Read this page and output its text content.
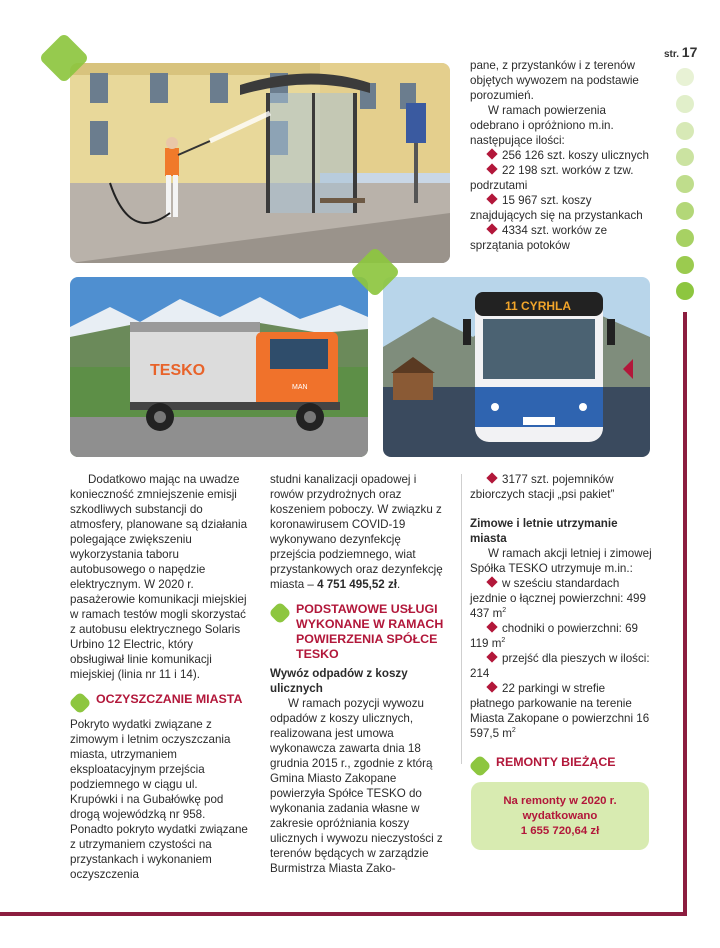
str. 17
TESKO
MAN
11 CYRHLA

pane, z przystanków i z terenów objętych wywozem na podstawie porozumień.

W ramach powierzenia odebrano i opróżniono m.in. następujące ilości:

256 126 szt. koszy ulicznych

22 198 szt. worków z tzw. podrzutami

15 967 szt. koszy znajdujących się na przystankach

4334 szt. worków ze sprzątania potoków

Dodatkowo mając na uwadze konieczność zmniejszenie emisji szkodliwych substancji do atmosfery, planowane są działania polegające zwiększeniu wykorzystania taboru autobusowego o napędzie elektrycznym. W 2020 r. pasażerowie komunikacji miejskiej w ramach testów mogli skorzystać z autobusu elektrycznego Solaris Urbino 12 Electric, który obsługiwał linie komunikacji miejskiej (linia nr 11 i 14).

OCZYSZCZANIE MIASTA

Pokryto wydatki związane z zimowym i letnim oczyszczania miasta, utrzymaniem eksploatacyjnym przejścia podziemnego w ciągu ul. Krupówki i na Gubałówkę pod drogą wojewódzką nr 958. Ponadto pokryto wydatki związane z utrzymaniem czystości na przystankach i wykonaniem oczyszczenia

studni kanalizacji opadowej i rowów przydrożnych oraz koszeniem poboczy. W związku z koronawirusem COVID-19 wykonywano dezynfekcję przejścia podziemnego, wiat przystankowych oraz dezynfekcję miasta – 4 751 495,52 zł.

PODSTAWOWE USŁUGI WYKONANE W RAMACH POWIERZENIA SPÓŁCE TESKO

Wywóz odpadów z koszy ulicznych

W ramach pozycji wywozu odpadów z koszy ulicznych, realizowana jest umowa wykonawcza zawarta dnia 18 grudnia 2015 r., zgodnie z którą Gmina Miasto Zakopane powierzyła Spółce TESKO do wykonania zadania własne w zakresie opróżniania koszy ulicznych i wywozu nieczystości z terenów będących w zarządzie Burmistrza Miasta Zako-

3177 szt. pojemników zbiorczych stacji „psi pakiet”

Zimowe i letnie utrzymanie miasta

W ramach akcji letniej i zimowej Spółka TESKO utrzymuje m.in.:

w sześciu standardach jezdnie o łącznej powierzchni: 499 437 $m^2$

chodniki o powierzchni: 69 119 $m^2$

przejść dla pieszych w ilości: 214

22 parkingi w strefie płatnego parkowanie na terenie Miasta Zakopane o powierzchni 16 597,5 $m^2$

REMONTY BIEŻĄCE
Na remonty w 2020 r.
wydatkowano
1 655 720,64 zł
